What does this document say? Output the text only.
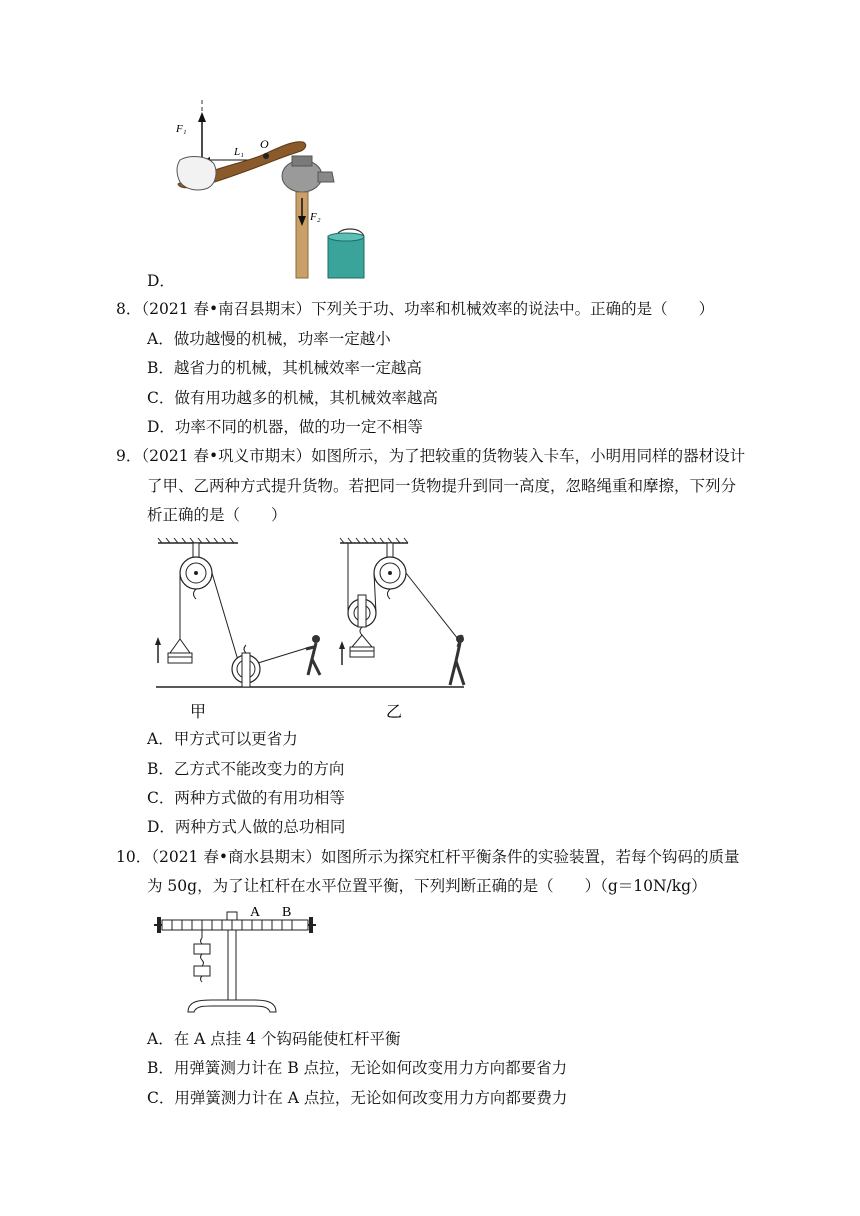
F₁
L₁
O
F₂
D．
8．（2021 春•南召县期末）下列关于功、功率和机械效率的说法中。正确的是（　　）
A．做功越慢的机械，功率一定越小
B．越省力的机械，其机械效率一定越高
C．做有用功越多的机械，其机械效率越高
D．功率不同的机器，做的功一定不相等
9．（2021 春•巩义市期末）如图所示，为了把较重的货物装入卡车，小明用同样的器材设计
了甲、乙两种方式提升货物。若把同一货物提升到同一高度，忽略绳重和摩擦，下列分
析正确的是（　　）
甲	乙
A．甲方式可以更省力
B．乙方式不能改变力的方向
C．两种方式做的有用功相等
D．两种方式人做的总功相同
10．（2021 春•商水县期末）如图所示为探究杠杆平衡条件的实验装置，若每个钩码的质量
为 50g，为了让杠杆在水平位置平衡，下列判断正确的是（　　）（g＝10N/kg）
A B
A．在 A 点挂 4 个钩码能使杠杆平衡
B．用弹簧测力计在 B 点拉，无论如何改变用力方向都要省力
C．用弹簧测力计在 A 点拉，无论如何改变用力方向都要费力
